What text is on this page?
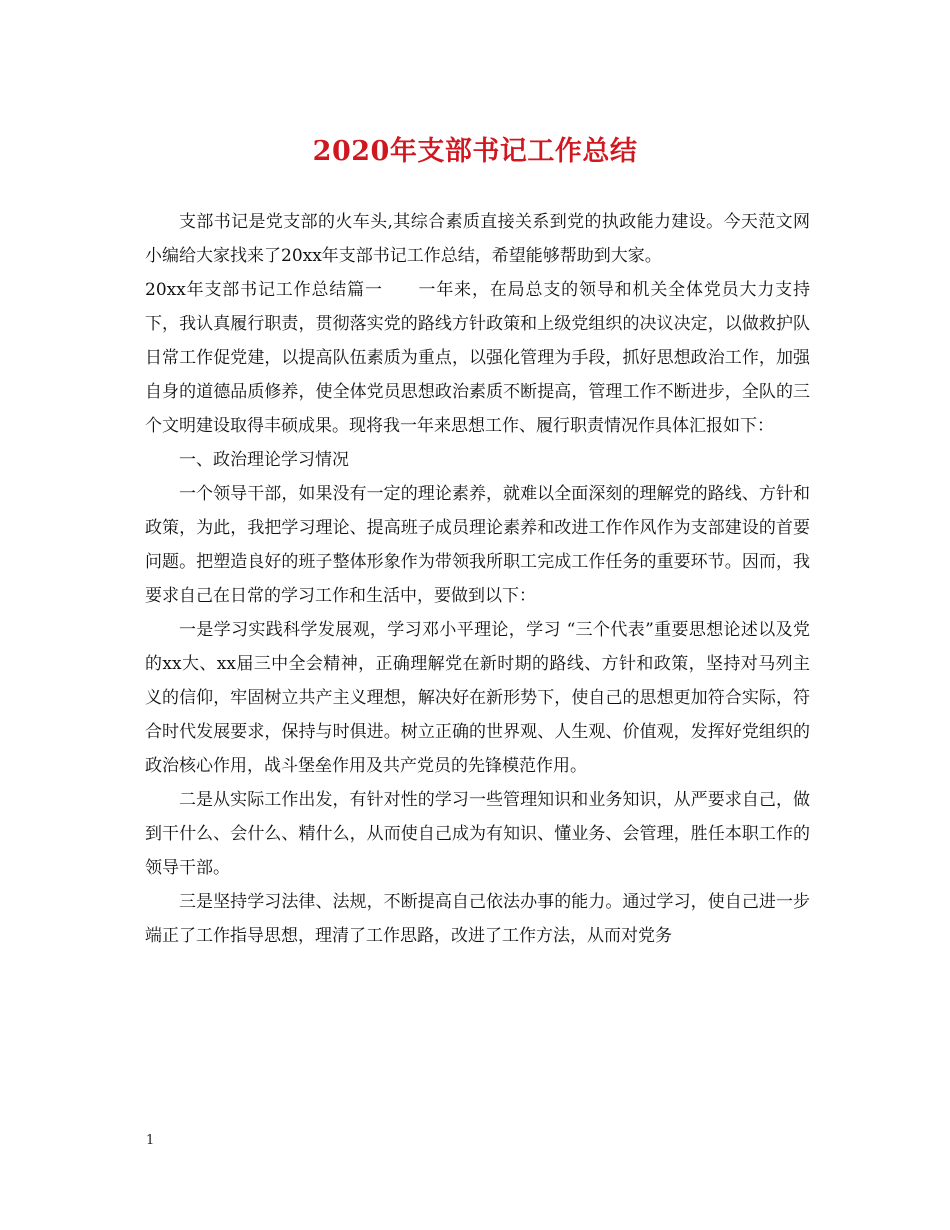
2020年支部书记工作总结

支部书记是党支部的火车头,其综合素质直接关系到党的执政能力建设。今天范文网小编给大家找来了20xx年支部书记工作总结，希望能够帮助到大家。

20xx年支部书记工作总结篇一　　一年来，在局总支的领导和机关全体党员大力支持下，我认真履行职责，贯彻落实党的路线方针政策和上级党组织的决议决定，以做救护队日常工作促党建，以提高队伍素质为重点，以强化管理为手段，抓好思想政治工作，加强自身的道德品质修养，使全体党员思想政治素质不断提高，管理工作不断进步，全队的三个文明建设取得丰硕成果。现将我一年来思想工作、履行职责情况作具体汇报如下：

一、政治理论学习情况

一个领导干部，如果没有一定的理论素养，就难以全面深刻的理解党的路线、方针和政策，为此，我把学习理论、提高班子成员理论素养和改进工作作风作为支部建设的首要问题。把塑造良好的班子整体形象作为带领我所职工完成工作任务的重要环节。因而，我要求自己在日常的学习工作和生活中，要做到以下：

一是学习实践科学发展观，学习邓小平理论，学习 “三个代表”重要思想论述以及党的xx大、xx届三中全会精神，正确理解党在新时期的路线、方针和政策，坚持对马列主义的信仰，牢固树立共产主义理想，解决好在新形势下，使自己的思想更加符合实际，符合时代发展要求，保持与时俱进。树立正确的世界观、人生观、价值观，发挥好党组织的政治核心作用，战斗堡垒作用及共产党员的先锋模范作用。

二是从实际工作出发，有针对性的学习一些管理知识和业务知识，从严要求自己，做到干什么、会什么、精什么，从而使自己成为有知识、懂业务、会管理，胜任本职工作的领导干部。

三是坚持学习法律、法规，不断提高自己依法办事的能力。通过学习，使自己进一步端正了工作指导思想，理清了工作思路，改进了工作方法，从而对党务

1
